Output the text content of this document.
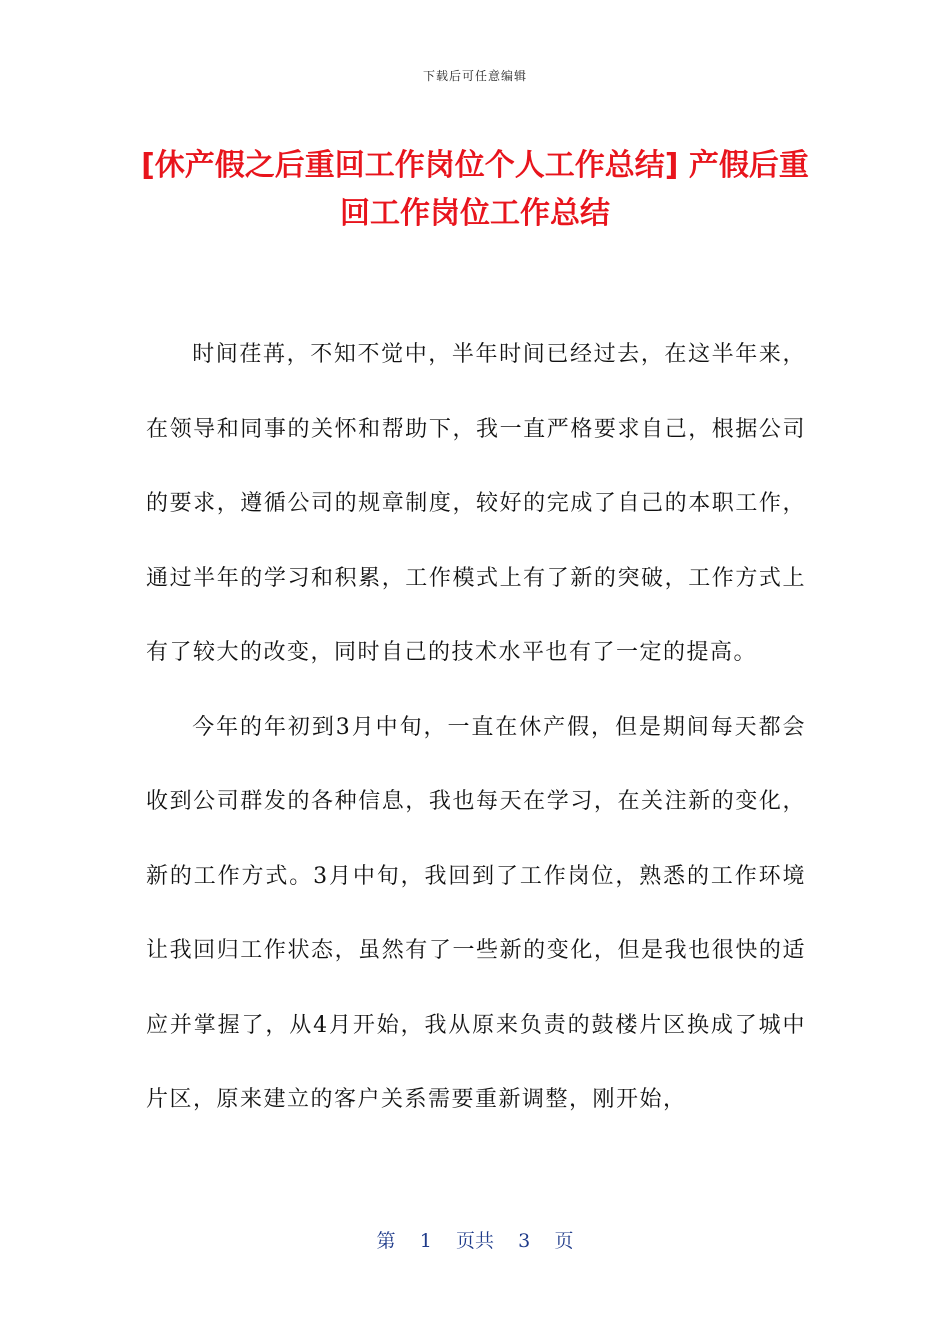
下载后可任意编辑
[休产假之后重回工作岗位个人工作总结] 产假后重回工作岗位工作总结

时间荏苒，不知不觉中，半年时间已经过去，在这半年来，在领导和同事的关怀和帮助下，我一直严格要求自己，根据公司的要求，遵循公司的规章制度，较好的完成了自己的本职工作，通过半年的学习和积累，工作模式上有了新的突破，工作方式上有了较大的改变，同时自己的技术水平也有了一定的提高。

今年的年初到3月中旬，一直在休产假，但是期间每天都会收到公司群发的各种信息，我也每天在学习，在关注新的变化，新的工作方式。3月中旬，我回到了工作岗位，熟悉的工作环境让我回归工作状态，虽然有了一些新的变化，但是我也很快的适应并掌握了，从4月开始，我从原来负责的鼓楼片区换成了城中片区，原来建立的客户关系需要重新调整，刚开始，

第 1 页共 3 页
